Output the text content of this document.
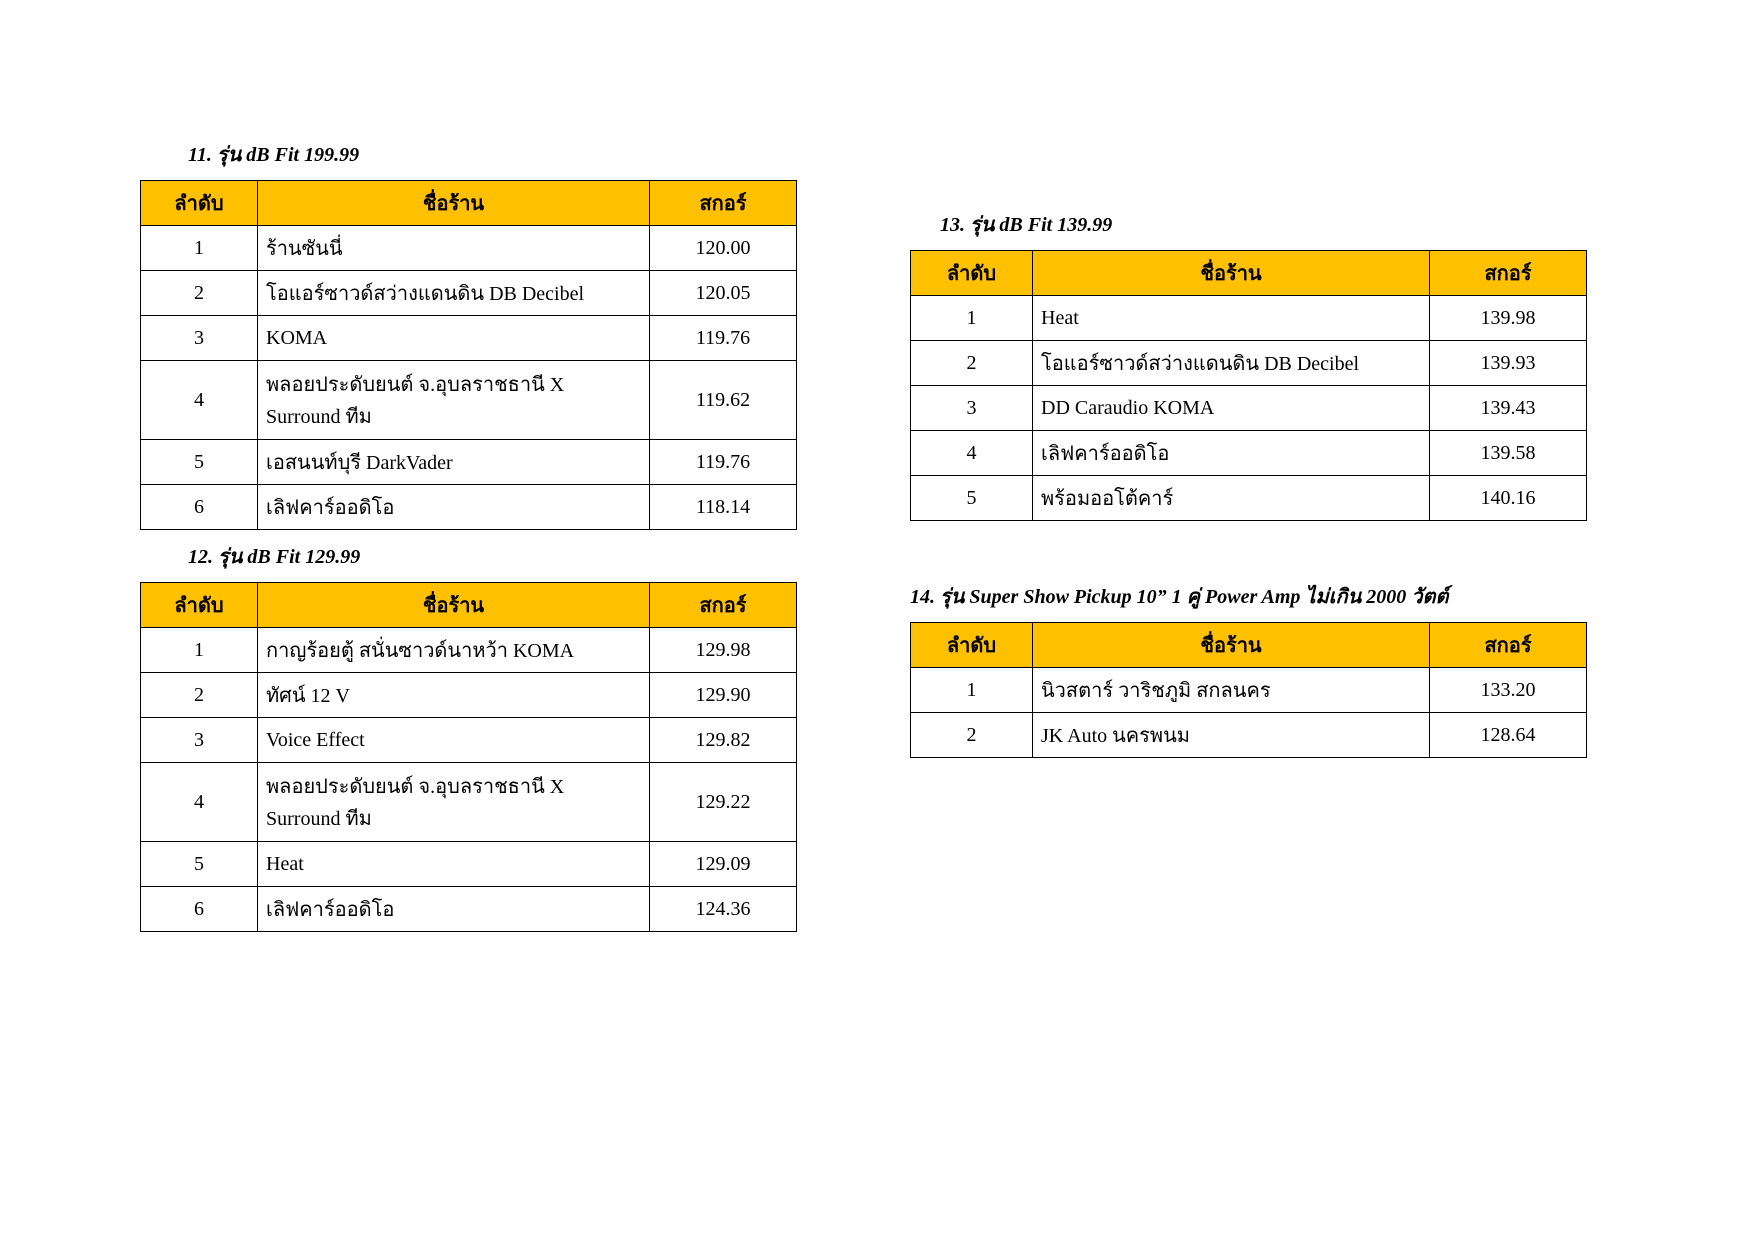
11. รุ่น dB Fit 199.99
ลำดับ	ชื่อร้าน	สกอร์
1	ร้านซันนี่	120.00
2	โอแอร์ซาวด์สว่างแดนดิน DB Decibel	120.05
3	KOMA	119.76
4	พลอยประดับยนต์ จ.อุบลราชธานี X Surround ทีม	119.62
5	เอสนนท์บุรี DarkVader	119.76
6	เลิฟคาร์ออดิโอ	118.14
12. รุ่น dB Fit 129.99
ลำดับ	ชื่อร้าน	สกอร์
1	กาญร้อยตู้ สนั่นซาวด์นาหว้า KOMA	129.98
2	ทัศน์ 12 V	129.90
3	Voice Effect	129.82
4	พลอยประดับยนต์ จ.อุบลราชธานี X Surround ทีม	129.22
5	Heat	129.09
6	เลิฟคาร์ออดิโอ	124.36
13. รุ่น dB Fit 139.99
ลำดับ	ชื่อร้าน	สกอร์
1	Heat	139.98
2	โอแอร์ซาวด์สว่างแดนดิน DB Decibel	139.93
3	DD Caraudio KOMA	139.43
4	เลิฟคาร์ออดิโอ	139.58
5	พร้อมออโต้คาร์	140.16
14. รุ่น Super Show Pickup 10” 1 คู่ Power Amp ไม่เกิน 2000 วัตต์
ลำดับ	ชื่อร้าน	สกอร์
1	นิวสตาร์ วาริชภูมิ สกลนคร	133.20
2	JK Auto นครพนม	128.64
